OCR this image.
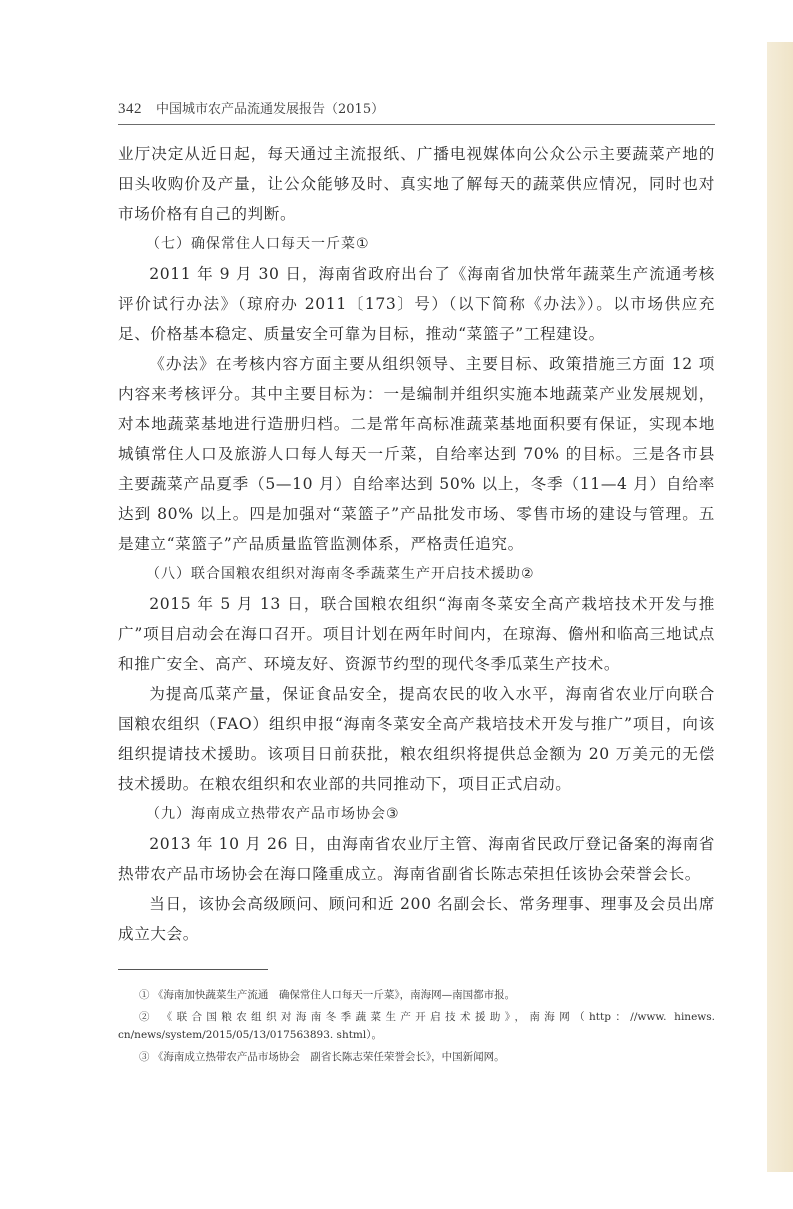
342 中国城市农产品流通发展报告（2015）

业厅决定从近日起，每天通过主流报纸、广播电视媒体向公众公示主要蔬菜产地的田头收购价及产量，让公众能够及时、真实地了解每天的蔬菜供应情况，同时也对市场价格有自己的判断。

（七）确保常住人口每天一斤菜①

2011 年 9 月 30 日，海南省政府出台了《海南省加快常年蔬菜生产流通考核评价试行办法》（琼府办 2011〔173〕号）（以下简称《办法》）。以市场供应充足、价格基本稳定、质量安全可靠为目标，推动“菜篮子”工程建设。

《办法》在考核内容方面主要从组织领导、主要目标、政策措施三方面 12 项内容来考核评分。其中主要目标为：一是编制并组织实施本地蔬菜产业发展规划，对本地蔬菜基地进行造册归档。二是常年高标准蔬菜基地面积要有保证，实现本地城镇常住人口及旅游人口每人每天一斤菜，自给率达到 70% 的目标。三是各市县主要蔬菜产品夏季（5—10 月）自给率达到 50% 以上，冬季（11—4 月）自给率达到 80% 以上。四是加强对“菜篮子”产品批发市场、零售市场的建设与管理。五是建立“菜篮子”产品质量监管监测体系，严格责任追究。

（八）联合国粮农组织对海南冬季蔬菜生产开启技术援助②

2015 年 5 月 13 日，联合国粮农组织“海南冬菜安全高产栽培技术开发与推广”项目启动会在海口召开。项目计划在两年时间内，在琼海、儋州和临高三地试点和推广安全、高产、环境友好、资源节约型的现代冬季瓜菜生产技术。

为提高瓜菜产量，保证食品安全，提高农民的收入水平，海南省农业厅向联合国粮农组织（FAO）组织申报“海南冬菜安全高产栽培技术开发与推广”项目，向该组织提请技术援助。该项目日前获批，粮农组织将提供总金额为 20 万美元的无偿技术援助。在粮农组织和农业部的共同推动下，项目正式启动。

（九）海南成立热带农产品市场协会③

2013 年 10 月 26 日，由海南省农业厅主管、海南省民政厅登记备案的海南省热带农产品市场协会在海口隆重成立。海南省副省长陈志荣担任该协会荣誉会长。

当日，该协会高级顾问、顾问和近 200 名副会长、常务理事、理事及会员出席成立大会。

① 《海南加快蔬菜生产流通　确保常住人口每天一斤菜》，南海网—南国都市报。

② 《联合国粮农组织对海南冬季蔬菜生产开启技术援助》，南海网（http：//www. hinews. cn/news/system/2015/05/13/017563893. shtml）。

③ 《海南成立热带农产品市场协会　副省长陈志荣任荣誉会长》，中国新闻网。
